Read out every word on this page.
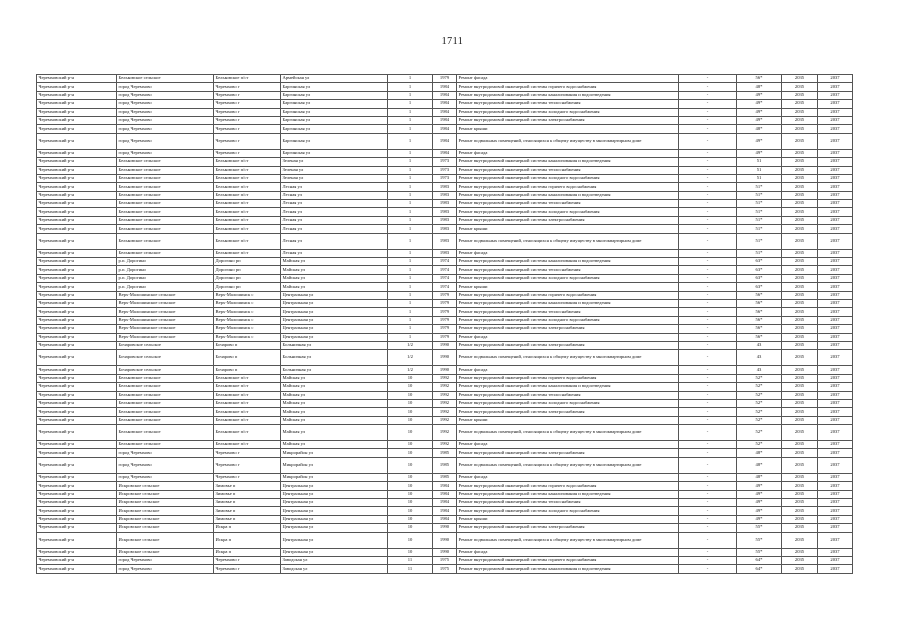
1711
Черемховский р-н	Бельковское сельское	Бельковское п/ст	Армейская ул	1	1979	Ремонт фасада	-	56*	2035	2037
Черемховский р-н	город Черемхово	Черемхово г	Баргинская ул	1	1984	Ремонт внутридомовой инженерной системы горячего водоснабжения	-	48*	2035	2037
Черемховский р-н	город Черемхово	Черемхово г	Баргинская ул	1	1984	Ремонт внутридомовой инженерной системы канализования и водоотведения	-	49*	2035	2037
Черемховский р-н	город Черемхово	Черемхово г	Баргинская ул	1	1984	Ремонт внутридомовой инженерной системы теплоснабжения	-	49*	2035	2037
Черемховский р-н	город Черемхово	Черемхово г	Баргинская ул	1	1984	Ремонт внутридомовой инженерной системы холодного водоснабжения	-	49*	2035	2037
Черемховский р-н	город Черемхово	Черемхово г	Баргинская ул	1	1984	Ремонт внутридомовой инженерной системы электроснабжения	-	49*	2035	2037
Черемховский р-н	город Черемхово	Черемхово г	Баргинская ул	1	1984	Ремонт крыши	-	48*	2035	2037
Черемховский р-н	город Черемхово	Черемхово г	Баргинская ул	1	1984	Ремонт подвальных помещений, относящихся к общему имуществу в многоквартирном доме	-	49*	2035	2037
Черемховский р-н	город Черемхово	Черемхово г	Баргинская ул	1	1984	Ремонт фасада	-	49*	2035	2037
Черемховский р-н	Бельковское сельское	Бельковское п/ст	Зеленая ул	1	1973	Ремонт внутридомовой инженерной системы канализования и водоотведения	-	51	2035	2037
Черемховский р-н	Бельковское сельское	Бельковское п/ст	Зеленая ул	1	1973	Ремонт внутридомовой инженерной системы теплоснабжения	-	51	2035	2037
Черемховский р-н	Бельковское сельское	Бельковское п/ст	Зеленая ул	1	1973	Ремонт внутридомовой инженерной системы холодного водоснабжения	-	51	2035	2037
Черемховский р-н	Бельковское сельское	Бельковское п/ст	Лесная ул	1	1983	Ремонт внутридомовой инженерной системы горячего водоснабжения	-	51*	2035	2037
Черемховский р-н	Бельковское сельское	Бельковское п/ст	Лесная ул	1	1983	Ремонт внутридомовой инженерной системы канализования и водоотведения	-	51*	2035	2037
Черемховский р-н	Бельковское сельское	Бельковское п/ст	Лесная ул	1	1983	Ремонт внутридомовой инженерной системы теплоснабжения	-	51*	2035	2037
Черемховский р-н	Бельковское сельское	Бельковское п/ст	Лесная ул	1	1983	Ремонт внутридомовой инженерной системы холодного водоснабжения	-	51*	2035	2037
Черемховский р-н	Бельковское сельское	Бельковское п/ст	Лесная ул	1	1983	Ремонт внутридомовой инженерной системы электроснабжения	-	51*	2035	2037
Черемховский р-н	Бельковское сельское	Бельковское п/ст	Лесная ул	1	1983	Ремонт крыши	-	51*	2035	2037
Черемховский р-н	Бельковское сельское	Бельковское п/ст	Лесная ул	1	1983	Ремонт подвальных помещений, относящихся к общему имуществу в многоквартирном доме	-	51*	2035	2037
Черемховский р-н	Бельковское сельское	Бельковское п/ст	Лесная ул	1	1983	Ремонт фасада	-	51*	2035	2037
Черемховский р-н	р.п. Дорогино	Дорогино рп	Майская ул	1	1974	Ремонт внутридомовой инженерной системы канализования и водоотведения	-	63*	2035	2037
Черемховский р-н	р.п. Дорогино	Дорогино рп	Майская ул	1	1974	Ремонт внутридомовой инженерной системы теплоснабжения	-	63*	2035	2037
Черемховский р-н	р.п. Дорогино	Дорогино рп	Майская ул	1	1974	Ремонт внутридомовой инженерной системы холодного водоснабжения	-	63*	2035	2037
Черемховский р-н	р.п. Дорогино	Дорогино рп	Майская ул	1	1974	Ремонт крыши	-	63*	2035	2037
Черемховский р-н	Верх-Малошинское сельское	Верх-Малошинск с	Центральная ул	1	1979	Ремонт внутридомовой инженерной системы горячего водоснабжения	-	56*	2035	2037
Черемховский р-н	Верх-Малошинское сельское	Верх-Малошинск с	Центральная ул	1	1979	Ремонт внутридомовой инженерной системы канализования и водоотведения	-	56*	2035	2037
Черемховский р-н	Верх-Малошинское сельское	Верх-Малошинск с	Центральная ул	1	1979	Ремонт внутридомовой инженерной системы теплоснабжения	-	56*	2035	2037
Черемховский р-н	Верх-Малошинское сельское	Верх-Малошинск с	Центральная ул	1	1979	Ремонт внутридомовой инженерной системы холодного водоснабжения	-	56*	2035	2037
Черемховский р-н	Верх-Малошинское сельское	Верх-Малошинск с	Центральная ул	1	1979	Ремонт внутридомовой инженерной системы электроснабжения	-	56*	2035	2037
Черемховский р-н	Верх-Малошинское сельское	Верх-Малошинск с	Центральная ул	1	1979	Ремонт фасада	-	56*	2035	2037
Черемховский р-н	Бочаровское сельское	Бочарово п	Больничная ул	1/2	1990	Ремонт внутридомовой инженерной системы электроснабжения	-	43	2035	2037
Черемховский р-н	Бочаровское сельское	Бочарово п	Больничная ул	1/2	1990	Ремонт подвальных помещений, относящихся к общему имуществу в многоквартирном доме	-	43	2035	2037
Черемховский р-н	Бочаровское сельское	Бочарово п	Больничная ул	1/2	1990	Ремонт фасада	-	43	2035	2037
Черемховский р-н	Бельковское сельское	Бельковское п/ст	Майская ул	10	1992	Ремонт внутридомовой инженерной системы горячего водоснабжения	-	52*	2035	2037
Черемховский р-н	Бельковское сельское	Бельковское п/ст	Майская ул	10	1992	Ремонт внутридомовой инженерной системы канализования и водоотведения	-	52*	2035	2037
Черемховский р-н	Бельковское сельское	Бельковское п/ст	Майская ул	10	1992	Ремонт внутридомовой инженерной системы теплоснабжения	-	52*	2035	2037
Черемховский р-н	Бельковское сельское	Бельковское п/ст	Майская ул	10	1992	Ремонт внутридомовой инженерной системы холодного водоснабжения	-	52*	2035	2037
Черемховский р-н	Бельковское сельское	Бельковское п/ст	Майская ул	10	1992	Ремонт внутридомовой инженерной системы электроснабжения	-	52*	2035	2037
Черемховский р-н	Бельковское сельское	Бельковское п/ст	Майская ул	10	1992	Ремонт крыши	-	52*	2035	2037
Черемховский р-н	Бельковское сельское	Бельковское п/ст	Майская ул	10	1992	Ремонт подвальных помещений, относящихся к общему имуществу в многоквартирном доме	-	52*	2035	2037
Черемховский р-н	Бельковское сельское	Бельковское п/ст	Майская ул	10	1992	Ремонт фасада	-	52*	2035	2037
Черемховский р-н	город Черемхово	Черемхово г	Микрорайон ул	10	1985	Ремонт внутридомовой инженерной системы электроснабжения	-	48*	2035	2037
Черемховский р-н	город Черемхово	Черемхово г	Микрорайон ул	10	1985	Ремонт подвальных помещений, относящихся к общему имуществу в многоквартирном доме	-	48*	2035	2037
Черемховский р-н	город Черемхово	Черемхово г	Микрорайон ул	10	1985	Ремонт фасада	-	48*	2035	2037
Черемховский р-н	Искровское сельское	Зимовье п	Центральная ул	10	1984	Ремонт внутридомовой инженерной системы горячего водоснабжения	-	49*	2035	2037
Черемховский р-н	Искровское сельское	Зимовье п	Центральная ул	10	1984	Ремонт внутридомовой инженерной системы канализования и водоотведения	-	49*	2035	2037
Черемховский р-н	Искровское сельское	Зимовье п	Центральная ул	10	1984	Ремонт внутридомовой инженерной системы теплоснабжения	-	49*	2035	2037
Черемховский р-н	Искровское сельское	Зимовье п	Центральная ул	10	1984	Ремонт внутридомовой инженерной системы холодного водоснабжения	-	49*	2035	2037
Черемховский р-н	Искровское сельское	Зимовье п	Центральная ул	10	1984	Ремонт крыши	-	49*	2035	2037
Черемховский р-н	Искровское сельское	Искра п	Центральная ул	10	1990	Ремонт внутридомовой инженерной системы электроснабжения	-	55*	2035	2037
Черемховский р-н	Искровское сельское	Искра п	Центральная ул	10	1990	Ремонт подвальных помещений, относящихся к общему имуществу в многоквартирном доме	-	55*	2035	2037
Черемховский р-н	Искровское сельское	Искра п	Центральная ул	10	1990	Ремонт фасада	-	55*	2035	2037
Черемховский р-н	город Черемхово	Черемхово г	Заводская ул	11	1975	Ремонт внутридомовой инженерной системы горячего водоснабжения	-	64*	2035	2037
Черемховский р-н	город Черемхово	Черемхово г	Заводская ул	11	1975	Ремонт внутридомовой инженерной системы канализования и водоотведения	-	64*	2035	2037
